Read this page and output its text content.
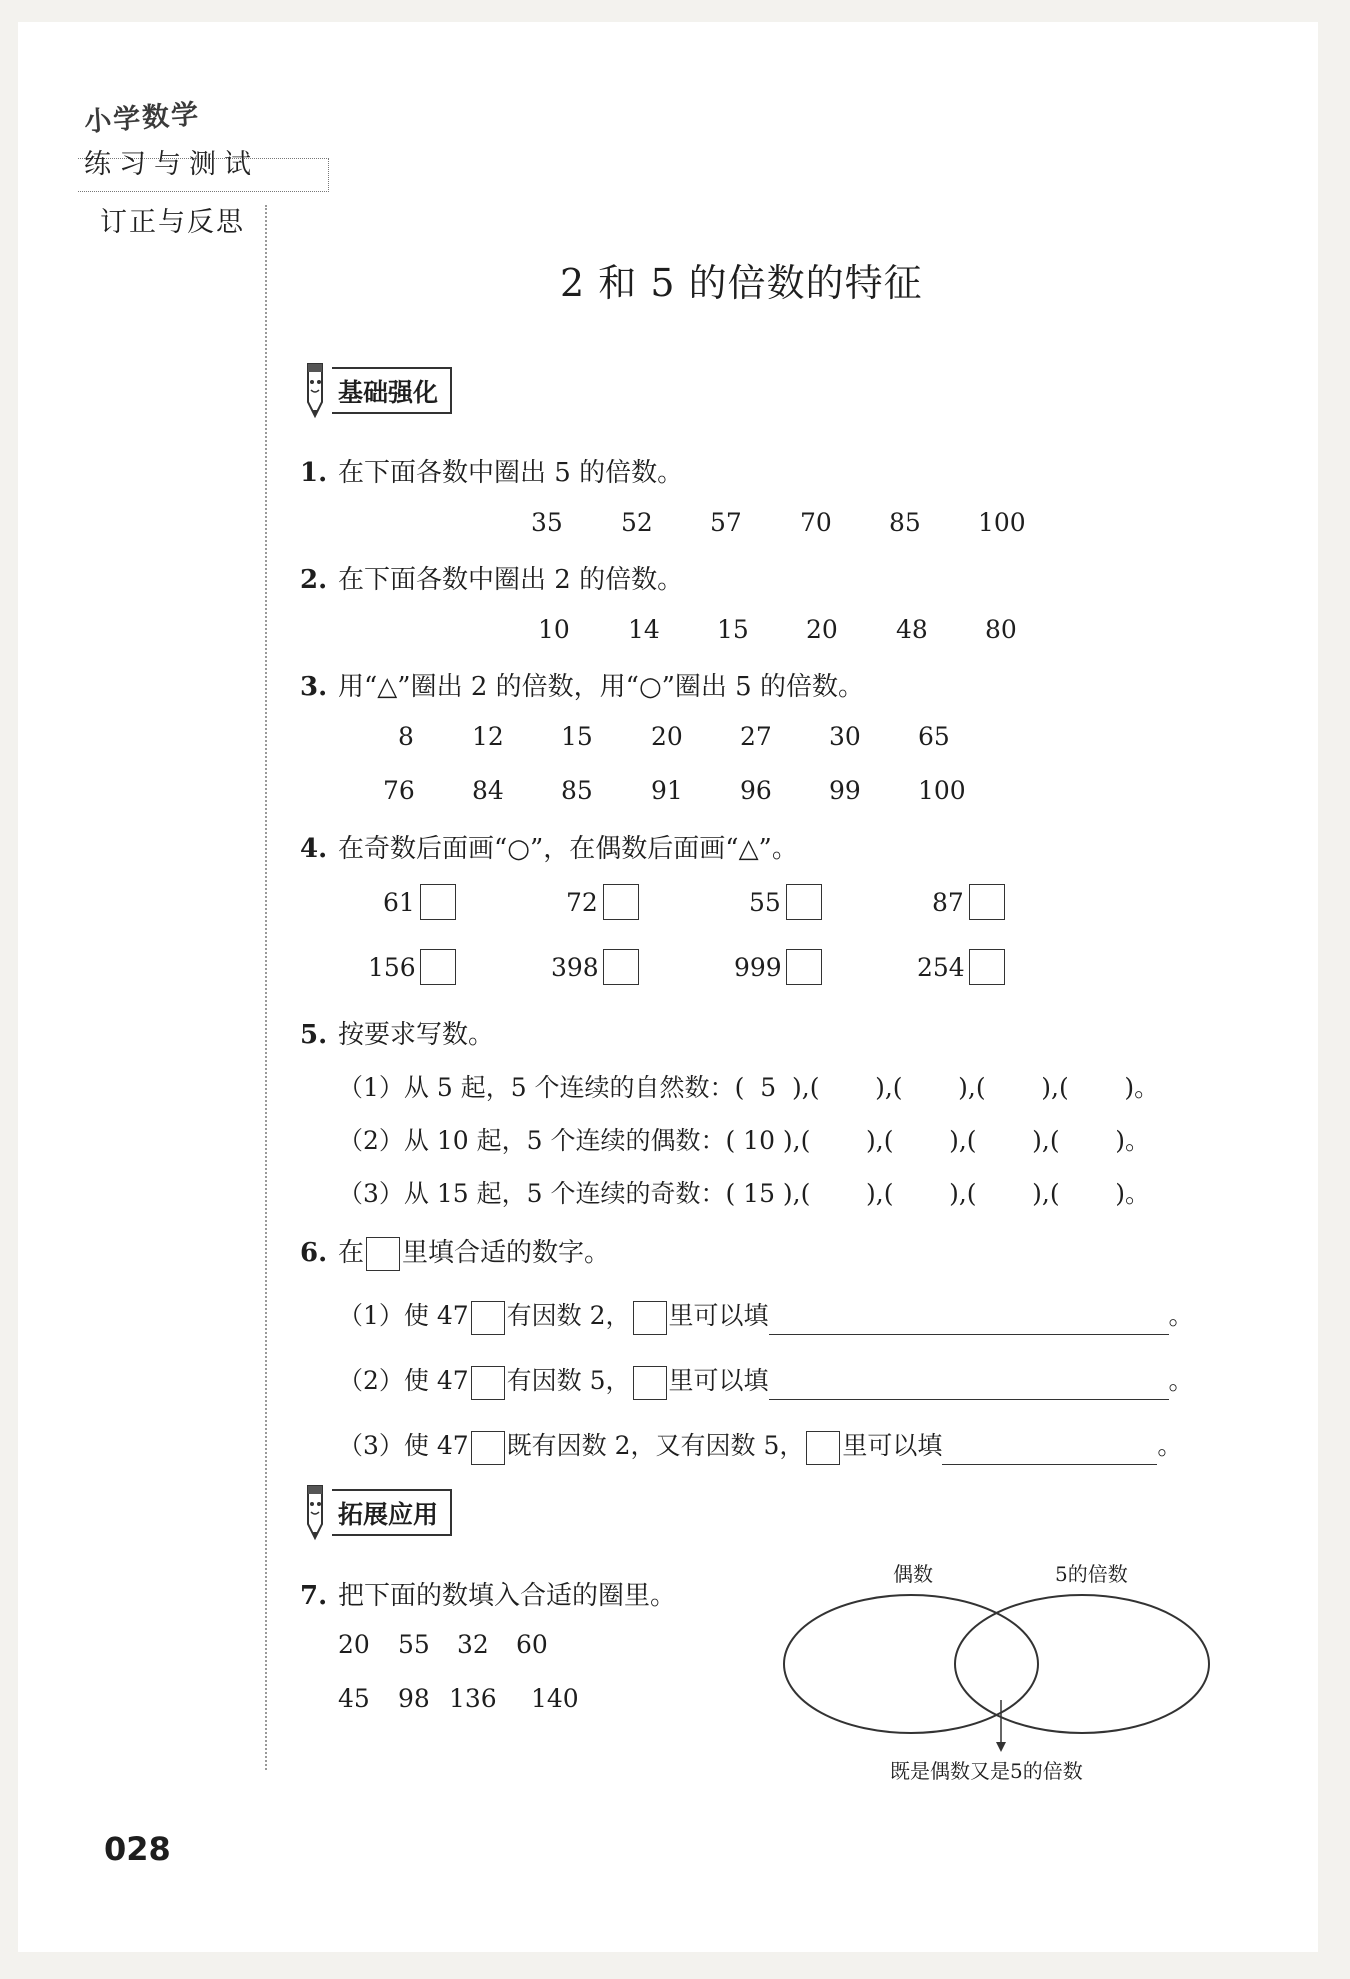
小学数学
练习与测试
订正与反思
2 和 5 的倍数的特征
基础强化
1. 在下面各数中圈出 5 的倍数。
35 52 57 70 85 100
2. 在下面各数中圈出 2 的倍数。
10 14 15 20 48 80
3. 用“△”圈出 2 的倍数，用“○”圈出 5 的倍数。
8 12 15 20 27 30 65
76 84 85 91 96 99 100
4. 在奇数后面画“○”，在偶数后面画“△”。
61	72	55	87
156	398	999	254
5. 按要求写数。
（1）从 5 起，5 个连续的自然数：(  5  ),(       ),(       ),(       ),(       )。
（2）从 10 起，5 个连续的偶数：( 10 ),(       ),(       ),(       ),(       )。
（3）从 15 起，5 个连续的奇数：( 15 ),(       ),(       ),(       ),(       )。
6. 在 里填合适的数字。
（1）使 47 有因数 2， 里可以填	。
（2）使 47 有因数 5， 里可以填	。
（3）使 47 既有因数 2，又有因数 5， 里可以填	。
拓展应用
7. 把下面的数填入合适的圈里。
20 55 32 60
45 98 136 140
偶数	5的倍数
既是偶数又是5的倍数
028
